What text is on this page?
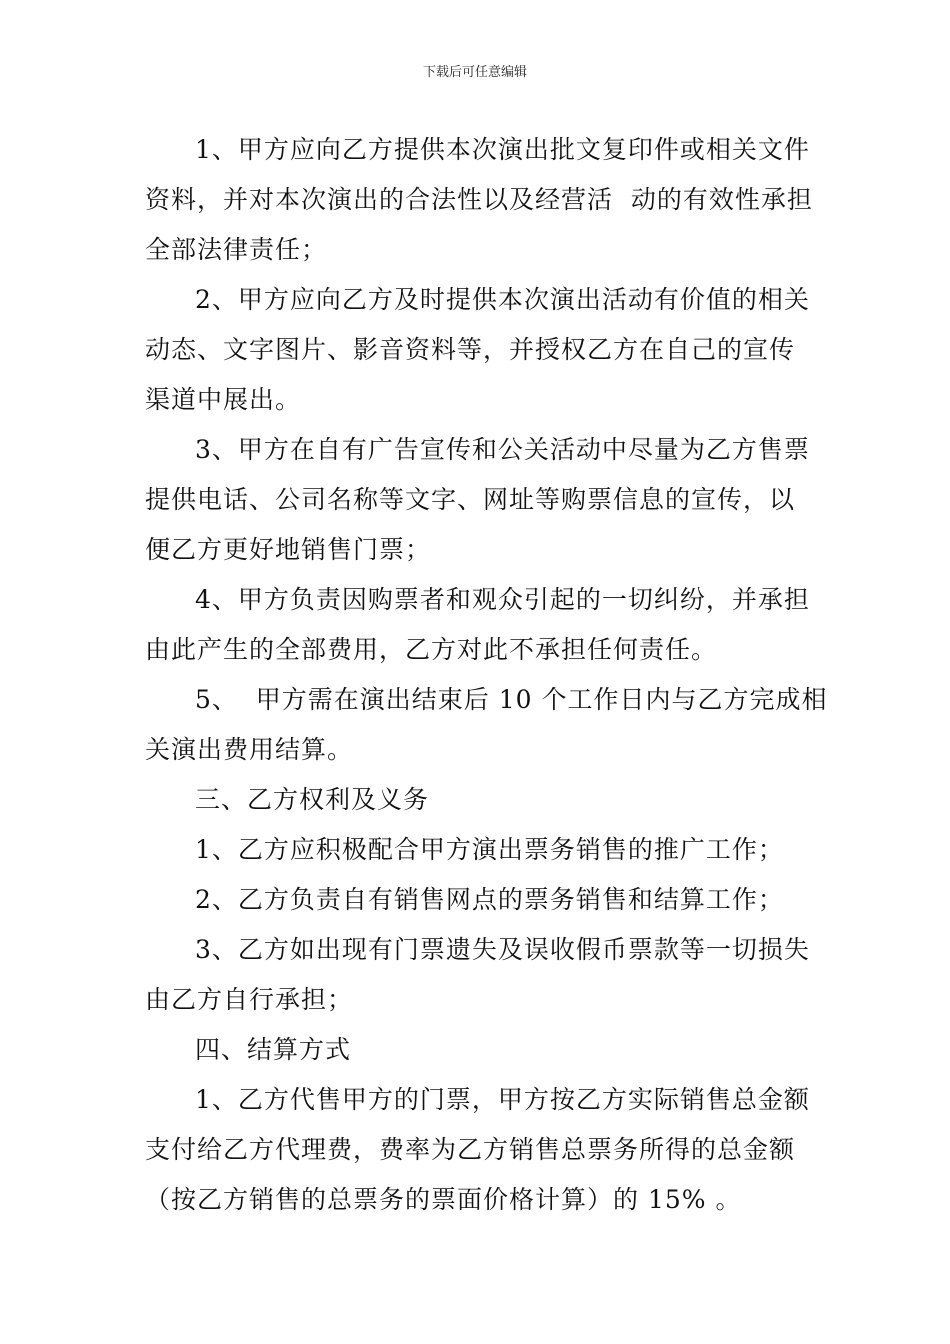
下载后可任意编辑
1、甲方应向乙方提供本次演出批文复印件或相关文件
资料，并对本次演出的合法性以及经营活  动的有效性承担
全部法律责任；
2、甲方应向乙方及时提供本次演出活动有价值的相关
动态、文字图片、影音资料等，并授权乙方在自己的宣传
渠道中展出。
3、甲方在自有广告宣传和公关活动中尽量为乙方售票
提供电话、公司名称等文字、网址等购票信息的宣传，以
便乙方更好地销售门票；
4、甲方负责因购票者和观众引起的一切纠纷，并承担
由此产生的全部费用，乙方对此不承担任何责任。
5、  甲方需在演出结束后 10 个工作日内与乙方完成相
关演出费用结算。
三、乙方权利及义务
1、乙方应积极配合甲方演出票务销售的推广工作；
2、乙方负责自有销售网点的票务销售和结算工作；
3、乙方如出现有门票遗失及误收假币票款等一切损失
由乙方自行承担；
四、结算方式
1、乙方代售甲方的门票，甲方按乙方实际销售总金额
支付给乙方代理费，费率为乙方销售总票务所得的总金额
（按乙方销售的总票务的票面价格计算）的 15% 。
